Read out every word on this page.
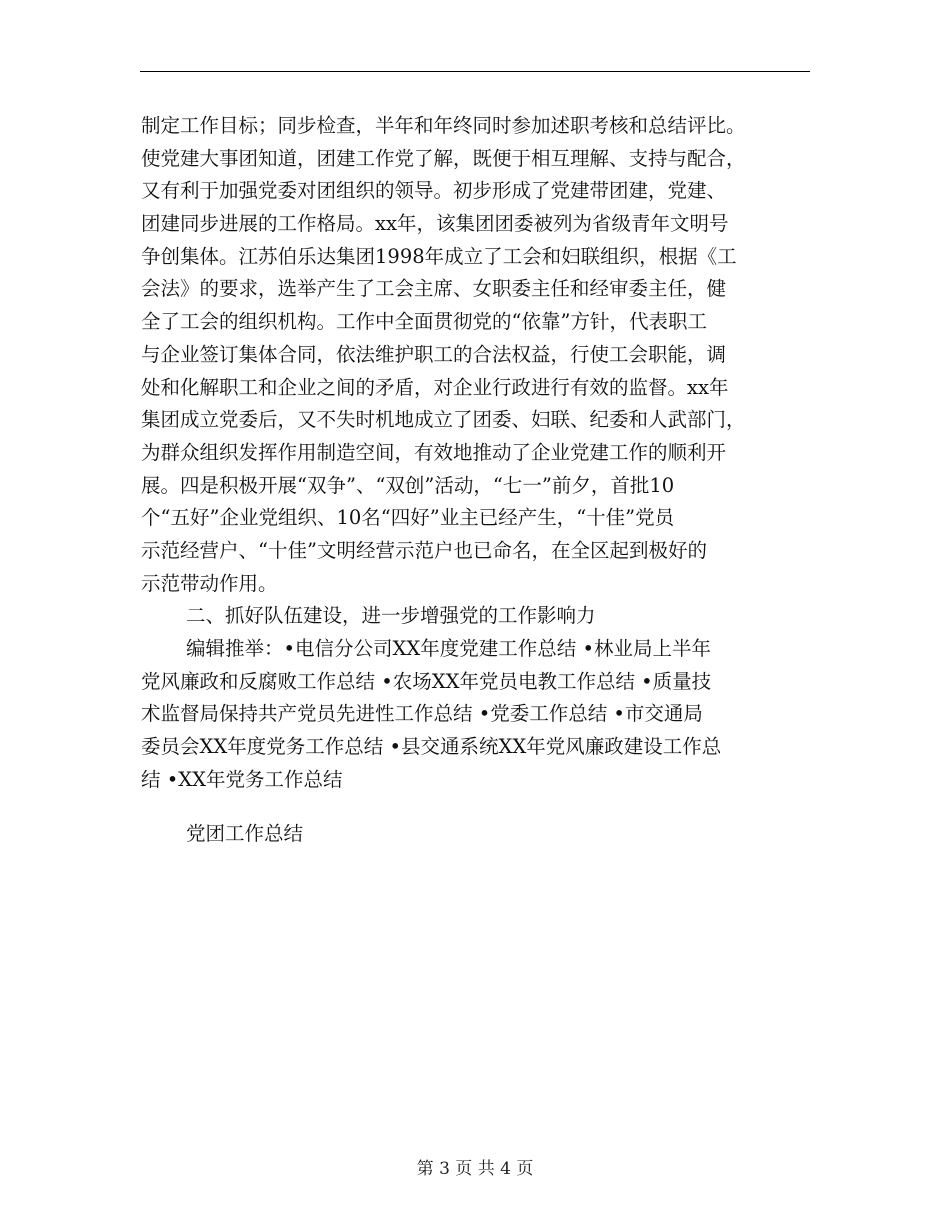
制定工作目标；同步检查，半年和年终同时参加述职考核和总结评比。
使党建大事团知道，团建工作党了解，既便于相互理解、支持与配合，
又有利于加强党委对团组织的领导。初步形成了党建带团建，党建、
团建同步进展的工作格局。xx年，该集团团委被列为省级青年文明号
争创集体。江苏伯乐达集团1998年成立了工会和妇联组织，根据《工
会法》的要求，选举产生了工会主席、女职委主任和经审委主任，健
全了工会的组织机构。工作中全面贯彻党的“依靠”方针，代表职工
与企业签订集体合同，依法维护职工的合法权益，行使工会职能，调
处和化解职工和企业之间的矛盾，对企业行政进行有效的监督。xx年
集团成立党委后，又不失时机地成立了团委、妇联、纪委和人武部门，
为群众组织发挥作用制造空间，有效地推动了企业党建工作的顺利开
展。四是积极开展“双争”、“双创”活动，“七一”前夕，首批10
个“五好”企业党组织、10名“四好”业主已经产生，“十佳”党员
示范经营户、“十佳”文明经营示范户也已命名，在全区起到极好的
示范带动作用。
二、抓好队伍建设，进一步增强党的工作影响力
编辑推举：•电信分公司XX年度党建工作总结 •林业局上半年
党风廉政和反腐败工作总结 •农场XX年党员电教工作总结 •质量技
术监督局保持共产党员先进性工作总结 •党委工作总结 •市交通局
委员会XX年度党务工作总结 •县交通系统XX年党风廉政建设工作总
结 •XX年党务工作总结
党团工作总结
第 3 页 共 4 页
